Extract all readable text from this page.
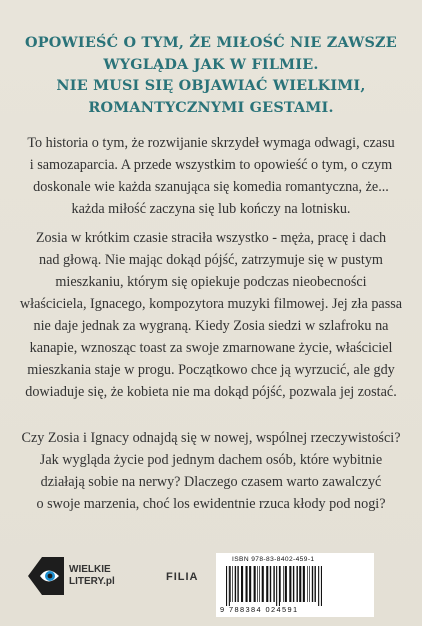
OPOWIEŚĆ O TYM, ŻE MIŁOŚĆ NIE ZAWSZE
WYGLĄDA JAK W FILMIE.
NIE MUSI SIĘ OBJAWIAĆ WIELKIMI,
ROMANTYCZNYMI GESTAMI.
To historia o tym, że rozwijanie skrzydeł wymaga odwagi, czasu
i samozaparcia. A przede wszystkim to opowieść o tym, o czym
doskonale wie każda szanująca się komedia romantyczna, że...
każda miłość zaczyna się lub kończy na lotnisku.
Zosia w krótkim czasie straciła wszystko - męża, pracę i dach
nad głową. Nie mając dokąd pójść, zatrzymuje się w pustym
mieszkaniu, którym się opiekuje podczas nieobecności
właściciela, Ignacego, kompozytora muzyki filmowej. Jej zła passa
nie daje jednak za wygraną. Kiedy Zosia siedzi w szlafroku na
kanapie, wznosząc toast za swoje zmarnowane życie, właściciel
mieszkania staje w progu. Początkowo chce ją wyrzucić, ale gdy
dowiaduje się, że kobieta nie ma dokąd pójść, pozwala jej zostać.
Czy Zosia i Ignacy odnajdą się w nowej, wspólnej rzeczywistości?
Jak wygląda życie pod jednym dachem osób, które wybitnie
działają sobie na nerwy? Dlaczego czasem warto zawalczyć
o swoje marzenia, choć los ewidentnie rzuca kłody pod nogi?
WIELKIE
LITERY.pl	FILIA
ISBN 978-83-8402-459-1
9 788384 024591
